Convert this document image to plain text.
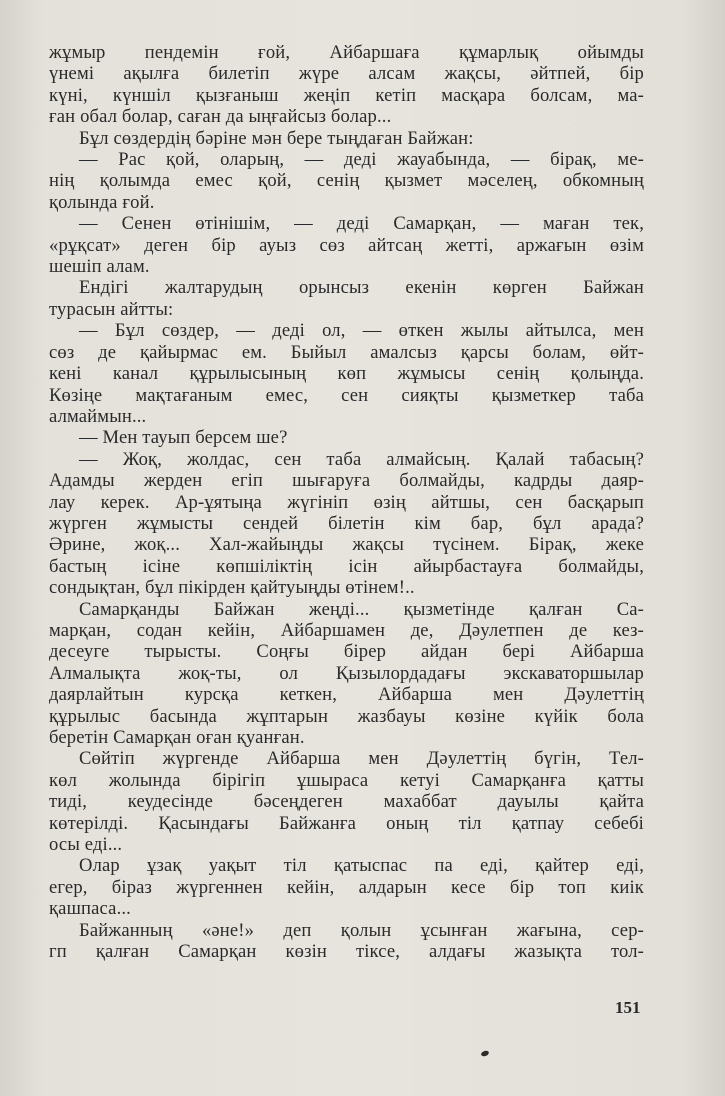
жұмыр пендемін ғой, Айбаршаға құмарлық ойымды
үнемі ақылға билетіп жүре алсам жақсы, әйтпей, бір
күні, күншіл қызғаныш жеңіп кетіп масқара болсам, ма-
ған обал болар, саған да ыңғайсыз болар...
Бұл сөздердің бәріне мән бере тыңдаған Байжан:
— Рас қой, оларың, — деді жауабында, — бірақ, ме-
нің қолымда емес қой, сенің қызмет мәселең, обкомның
қолында ғой.
— Сенен өтінішім, — деді Самарқан, — маған тек,
«рұқсат» деген бір ауыз сөз айтсаң жетті, аржағын өзім
шешіп алам.
Ендігі жалтарудың орынсыз екенін көрген Байжан
турасын айтты:
— Бұл сөздер, — деді ол, — өткен жылы айтылса, мен
сөз де қайырмас ем. Быйыл амалсыз қарсы болам, өйт-
кені канал құрылысының көп жұмысы сенің қолыңда.
Көзіңе мақтағаным емес, сен сияқты қызметкер таба
алмаймын...
— Мен тауып берсем ше?
— Жоқ, жолдас, сен таба алмайсың. Қалай табасың?
Адамды жерден егіп шығаруға болмайды, кадрды даяр-
лау керек. Ар-ұятыңа жүгініп өзің айтшы, сен басқарып
жүрген жұмысты сендей білетін кім бар, бұл арада?
Әрине, жоқ... Хал-жайыңды жақсы түсінем. Бірақ, жеке
бастың ісіне көпшіліктің ісін айырбастауға болмайды,
сондықтан, бұл пікірден қайтуыңды өтінем!..
Самарқанды Байжан жеңді... қызметінде қалған Са-
марқан, содан кейін, Айбаршамен де, Дәулетпен де кез-
десеуге тырысты. Соңғы бірер айдан бері Айбарша
Алмалықта жоқ-ты, ол Қызылордадағы экскаваторшылар
даярлайтын курсқа кеткен, Айбарша мен Дәулеттің
құрылыс басында жұптарын жазбауы көзіне күйік бола
беретін Самарқан оған қуанған.
Сөйтіп жүргенде Айбарша мен Дәулеттің бүгін, Тел-
көл жолында бірігіп ұшыраса кетуі Самарқанға қатты
тиді, кеудесінде бәсеңдеген махаббат дауылы қайта
көтерілді. Қасындағы Байжанға оның тіл қатпау себебі
осы еді...
Олар ұзақ уақыт тіл қатыспас па еді, қайтер еді,
егер, біраз жүргеннен кейін, алдарын кесе бір топ киік
қашпаса...
Байжанның «әне!» деп қолын ұсынған жағына, сер-
гп қалған Самарқан көзін тіксе, алдағы жазықта тол-
151
